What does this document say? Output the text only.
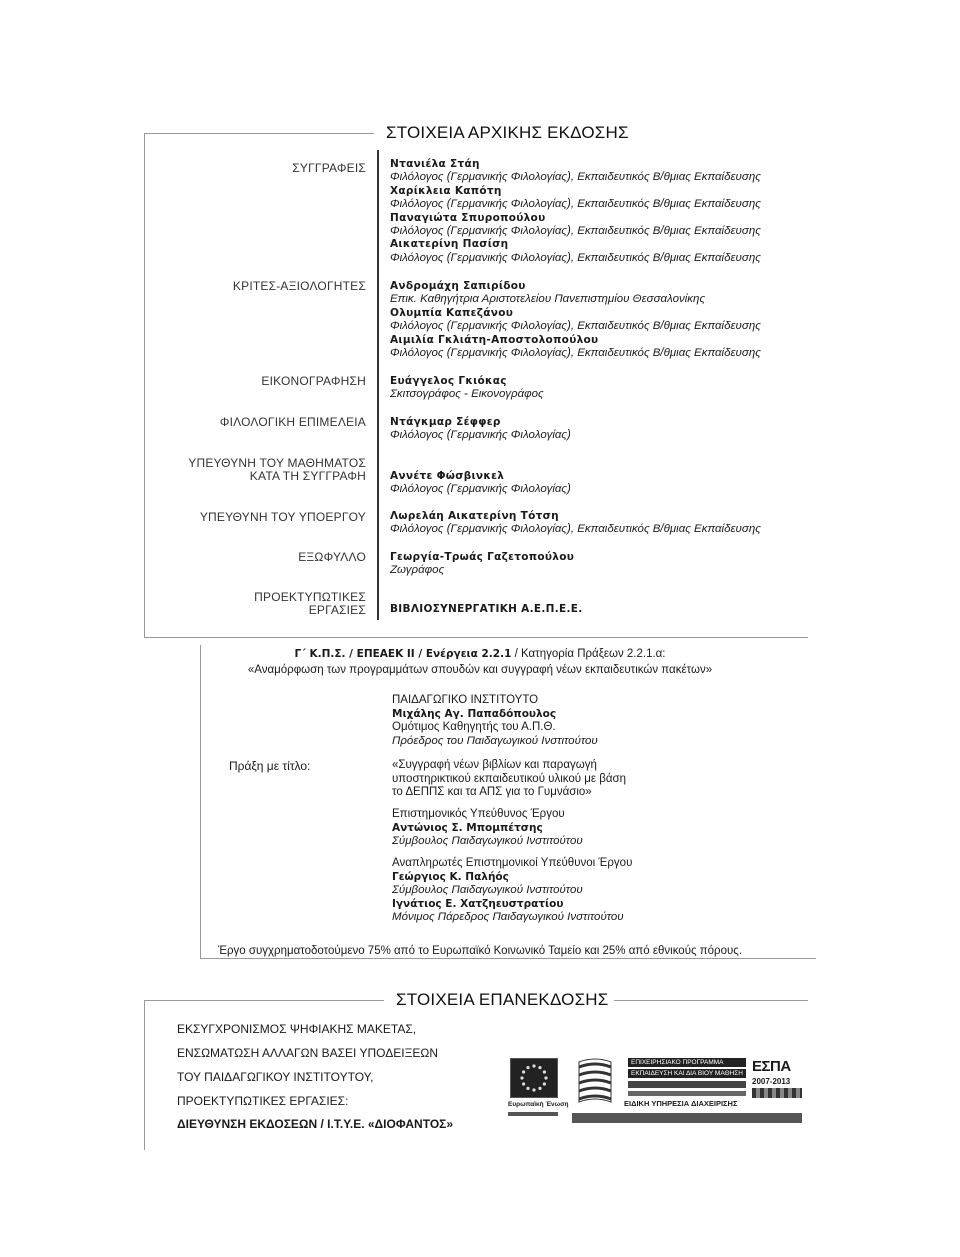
ΣΤΟΙΧΕΙΑ ΑΡΧΙΚΗΣ ΕΚΔΟΣΗΣ
ΣΥΓΓΡΑΦΕΙΣ
ΚΡΙΤΕΣ-ΑΞΙΟΛΟΓΗΤΕΣ
ΕΙΚΟΝΟΓΡΑΦΗΣΗ
ΦΙΛΟΛΟΓΙΚΗ ΕΠΙΜΕΛΕΙΑ
ΥΠΕΥΘΥΝΗ ΤΟΥ ΜΑΘΗΜΑΤΟΣ
ΚΑΤΑ ΤΗ ΣΥΓΓΡΑΦΗ
ΥΠΕΥΘΥΝΗ ΤΟΥ ΥΠΟΕΡΓΟΥ
ΕΞΩΦΥΛΛΟ
ΠΡΟΕΚΤΥΠΩΤΙΚΕΣ
ΕΡΓΑΣΙΕΣ
Ντανιέλα Στάη
Φιλόλογος (Γερμανικής Φιλολογίας), Εκπαιδευτικός Β/θμιας Εκπαίδευσης
Χαρίκλεια Καπότη
Φιλόλογος (Γερμανικής Φιλολογίας), Εκπαιδευτικός Β/θμιας Εκπαίδευσης
Παναγιώτα Σπυροπούλου
Φιλόλογος (Γερμανικής Φιλολογίας), Εκπαιδευτικός Β/θμιας Εκπαίδευσης
Αικατερίνη Πασίση
Φιλόλογος (Γερμανικής Φιλολογίας), Εκπαιδευτικός Β/θμιας Εκπαίδευσης
Ανδρομάχη Σαπιρίδου
Επικ. Καθηγήτρια Αριστοτελείου Πανεπιστημίου Θεσσαλονίκης
Ολυμπία Καπεζάνου
Φιλόλογος (Γερμανικής Φιλολογίας), Εκπαιδευτικός Β/θμιας Εκπαίδευσης
Αιμιλία Γκλιάτη-Αποστολοπούλου
Φιλόλογος (Γερμανικής Φιλολογίας), Εκπαιδευτικός Β/θμιας Εκπαίδευσης
Ευάγγελος Γκιόκας
Σκιτσογράφος - Εικονογράφος
Ντάγκμαρ Σέφφερ
Φιλόλογος (Γερμανικής Φιλολογίας)
Αννέτε Φώσβινκελ
Φιλόλογος (Γερμανικής Φιλολογίας)
Λωρελάη Αικατερίνη Τότση
Φιλόλογος (Γερμανικής Φιλολογίας), Εκπαιδευτικός Β/θμιας Εκπαίδευσης
Γεωργία-Τρωάς Γαζετοπούλου
Ζωγράφος
ΒΙΒΛΙΟΣΥΝΕΡΓΑΤΙΚΗ Α.Ε.Π.Ε.Ε.
Γ΄ Κ.Π.Σ. / ΕΠΕΑΕΚ ΙΙ / Ενέργεια 2.2.1 / Κατηγορία Πράξεων 2.2.1.α:
«Αναμόρφωση των προγραμμάτων σπουδών και συγγραφή νέων εκπαιδευτικών πακέτων»
ΠΑΙΔΑΓΩΓΙΚΟ ΙΝΣΤΙΤΟΥΤΟ
Μιχάλης Αγ. Παπαδόπουλος
Ομότιμος Καθηγητής του Α.Π.Θ.
Πρόεδρος του Παιδαγωγικού Ινστιτούτου
Πράξη με τίτλο:	«Συγγραφή νέων βιβλίων και παραγωγή
υποστηρικτικού εκπαιδευτικού υλικού με βάση
το ΔΕΠΠΣ και τα ΑΠΣ για το Γυμνάσιο»
Επιστημονικός Υπεύθυνος Έργου
Αντώνιος Σ. Μπομπέτσης
Σύμβουλος Παιδαγωγικού Ινστιτούτου
Αναπληρωτές Επιστημονικοί Υπεύθυνοι Έργου
Γεώργιος Κ. Παλήός
Σύμβουλος Παιδαγωγικού Ινστιτούτου
Ιγνάτιος Ε. Χατζηευστρατίου
Μόνιμος Πάρεδρος Παιδαγωγικού Ινστιτούτου
Έργο συγχρηματοδοτούμενο 75% από το Ευρωπαϊκό Κοινωνικό Ταμείο και 25% από εθνικούς πόρους.
ΣΤΟΙΧΕΙΑ ΕΠΑΝΕΚΔΟΣΗΣ
ΕΚΣΥΓΧΡΟΝΙΣΜΟΣ ΨΗΦΙΑΚΗΣ ΜΑΚΕΤΑΣ,
ΕΝΣΩΜΑΤΩΣΗ ΑΛΛΑΓΩΝ ΒΑΣΕΙ ΥΠΟΔΕΙΞΕΩΝ
ΤΟΥ ΠΑΙΔΑΓΩΓΙΚΟΥ ΙΝΣΤΙΤΟΥΤΟΥ,
ΠΡΟΕΚΤΥΠΩΤΙΚΕΣ ΕΡΓΑΣΙΕΣ:
ΔΙΕΥΘΥΝΣΗ ΕΚΔΟΣΕΩΝ / Ι.Τ.Υ.Ε. «ΔΙΟΦΑΝΤΟΣ»
Ευρωπαϊκή Ένωση
ΕΠΙΧΕΙΡΗΣΙΑΚΟ ΠΡΟΓΡΑΜΜΑ
ΕΚΠΑΙΔΕΥΣΗ ΚΑΙ ΔΙΑ ΒΙΟΥ ΜΑΘΗΣΗ
ΕΙΔΙΚΗ ΥΠΗΡΕΣΙΑ ΔΙΑΧΕΙΡΙΣΗΣ
ΕΣΠΑ
2007-2013
